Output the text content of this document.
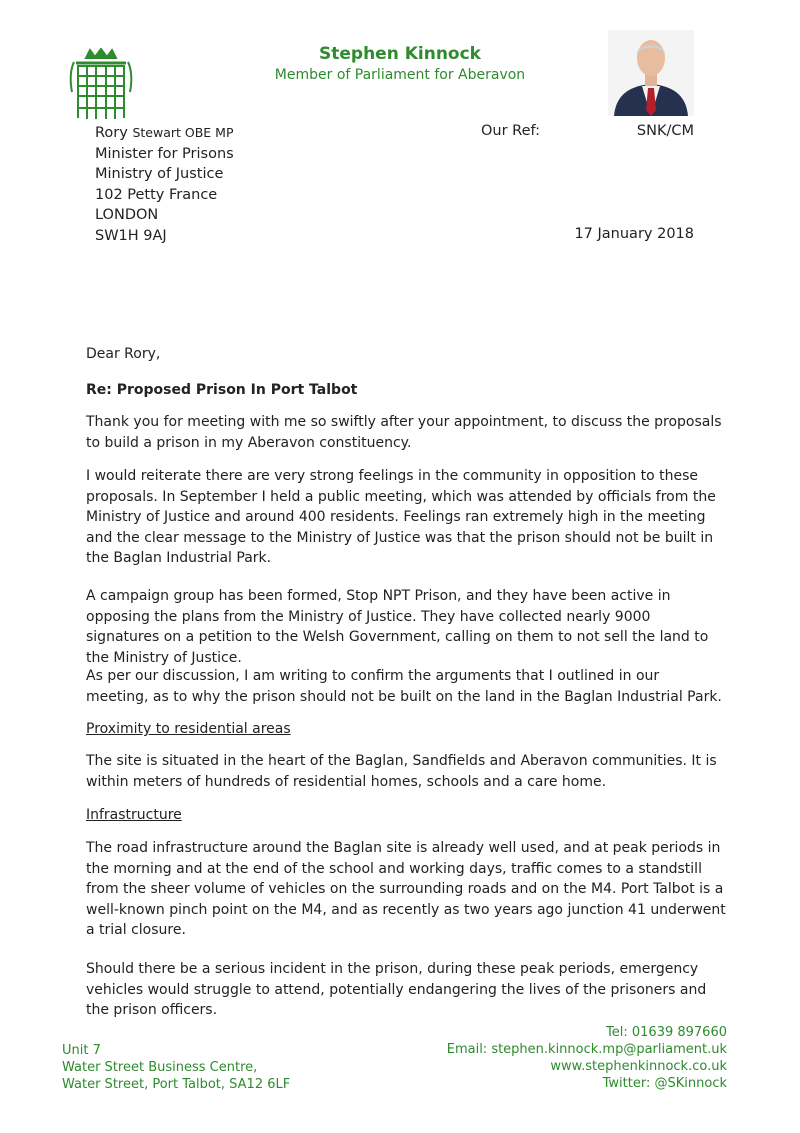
Stephen Kinnock
Member of Parliament for Aberavon
Rory Stewart OBE MP
Minister for Prisons
Ministry of Justice
102 Petty France
LONDON
SW1H 9AJ
Our Ref:	SNK/CM
17 January 2018

Dear Rory,

Re: Proposed Prison In Port Talbot

Thank you for meeting with me so swiftly after your appointment, to discuss the proposals to build a prison in my Aberavon constituency.

I would reiterate there are very strong feelings in the community in opposition to these proposals. In September I held a public meeting, which was attended by officials from the Ministry of Justice and around 400 residents. Feelings ran extremely high in the meeting and the clear message to the Ministry of Justice was that the prison should not be built in the Baglan Industrial Park.

A campaign group has been formed, Stop NPT Prison, and they have been active in opposing the plans from the Ministry of Justice. They have collected nearly 9000 signatures on a petition to the Welsh Government, calling on them to not sell the land to the Ministry of Justice.

As per our discussion, I am writing to confirm the arguments that I outlined in our meeting, as to why the prison should not be built on the land in the Baglan Industrial Park.

Proximity to residential areas

The site is situated in the heart of the Baglan, Sandfields and Aberavon communities. It is within meters of hundreds of residential homes, schools and a care home.

Infrastructure

The road infrastructure around the Baglan site is already well used, and at peak periods in the morning and at the end of the school and working days, traffic comes to a standstill from the sheer volume of vehicles on the surrounding roads and on the M4. Port Talbot is a well-known pinch point on the M4, and as recently as two years ago junction 41 underwent a trial closure.

Should there be a serious incident in the prison, during these peak periods, emergency vehicles would struggle to attend, potentially endangering the lives of the prisoners and the prison officers.

Unit 7
Water Street Business Centre,
Water Street, Port Talbot, SA12 6LF
Tel: 01639 897660
Email: stephen.kinnock.mp@parliament.uk
www.stephenkinnock.co.uk
Twitter: @SKinnock
